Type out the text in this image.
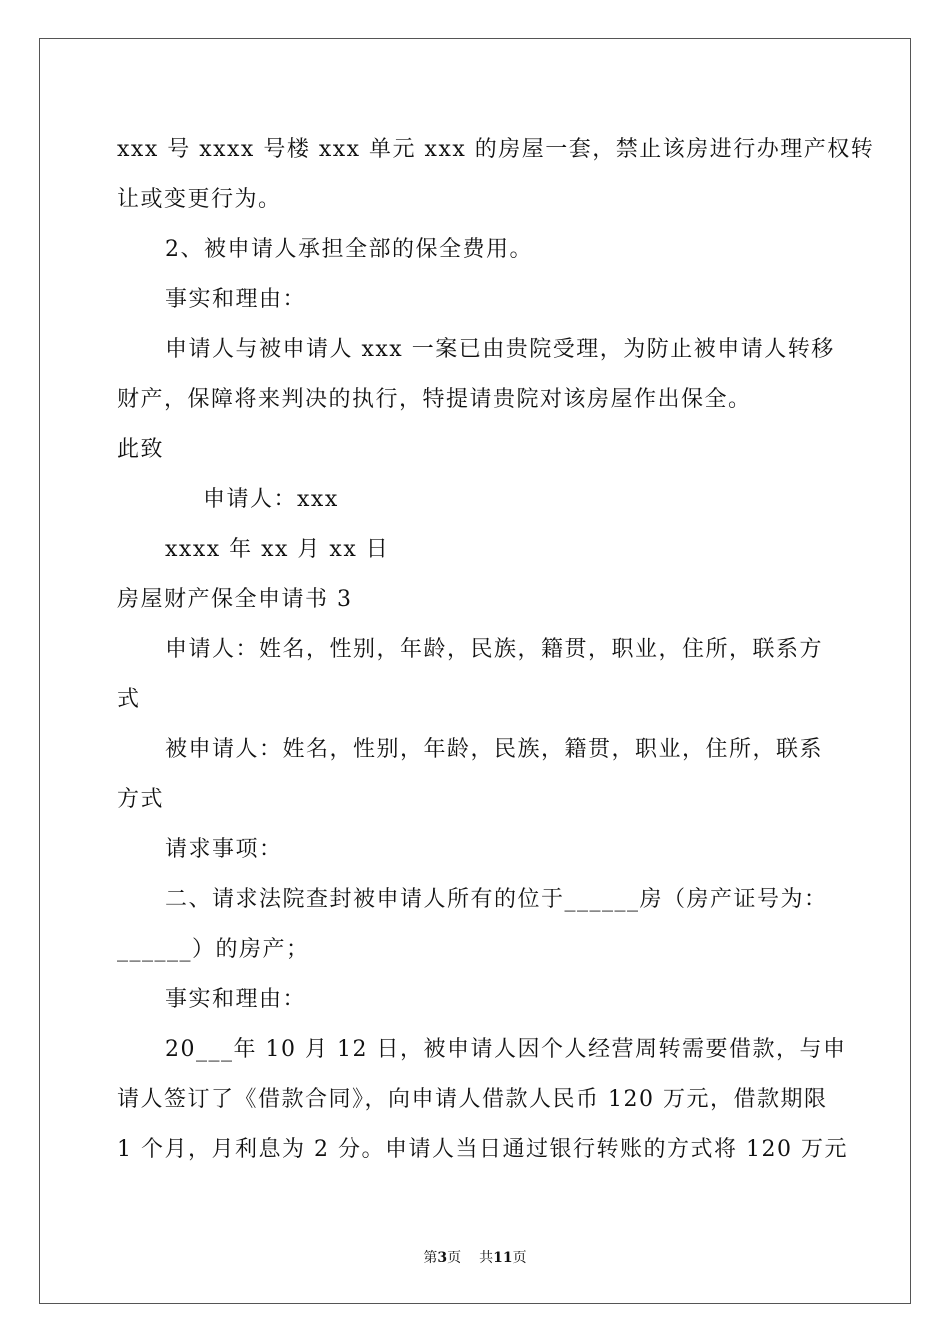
xxx 号 xxxx 号楼 xxx 单元 xxx 的房屋一套，禁止该房进行办理产权转
让或变更行为。
2、被申请人承担全部的保全费用。
事实和理由：
申请人与被申请人 xxx 一案已由贵院受理，为防止被申请人转移
财产，保障将来判决的执行，特提请贵院对该房屋作出保全。
此致
申请人：xxx
xxxx 年 xx 月 xx 日
房屋财产保全申请书 3
申请人：姓名，性别，年龄，民族，籍贯，职业，住所，联系方
式
被申请人：姓名，性别，年龄，民族，籍贯，职业，住所，联系
方式
请求事项：
二、请求法院查封被申请人所有的位于______房（房产证号为：
______）的房产；
事实和理由：
20___年 10 月 12 日，被申请人因个人经营周转需要借款，与申
请人签订了《借款合同》，向申请人借款人民币 120 万元，借款期限
1 个月，月利息为 2 分。申请人当日通过银行转账的方式将 120 万元
第3页 共11页
